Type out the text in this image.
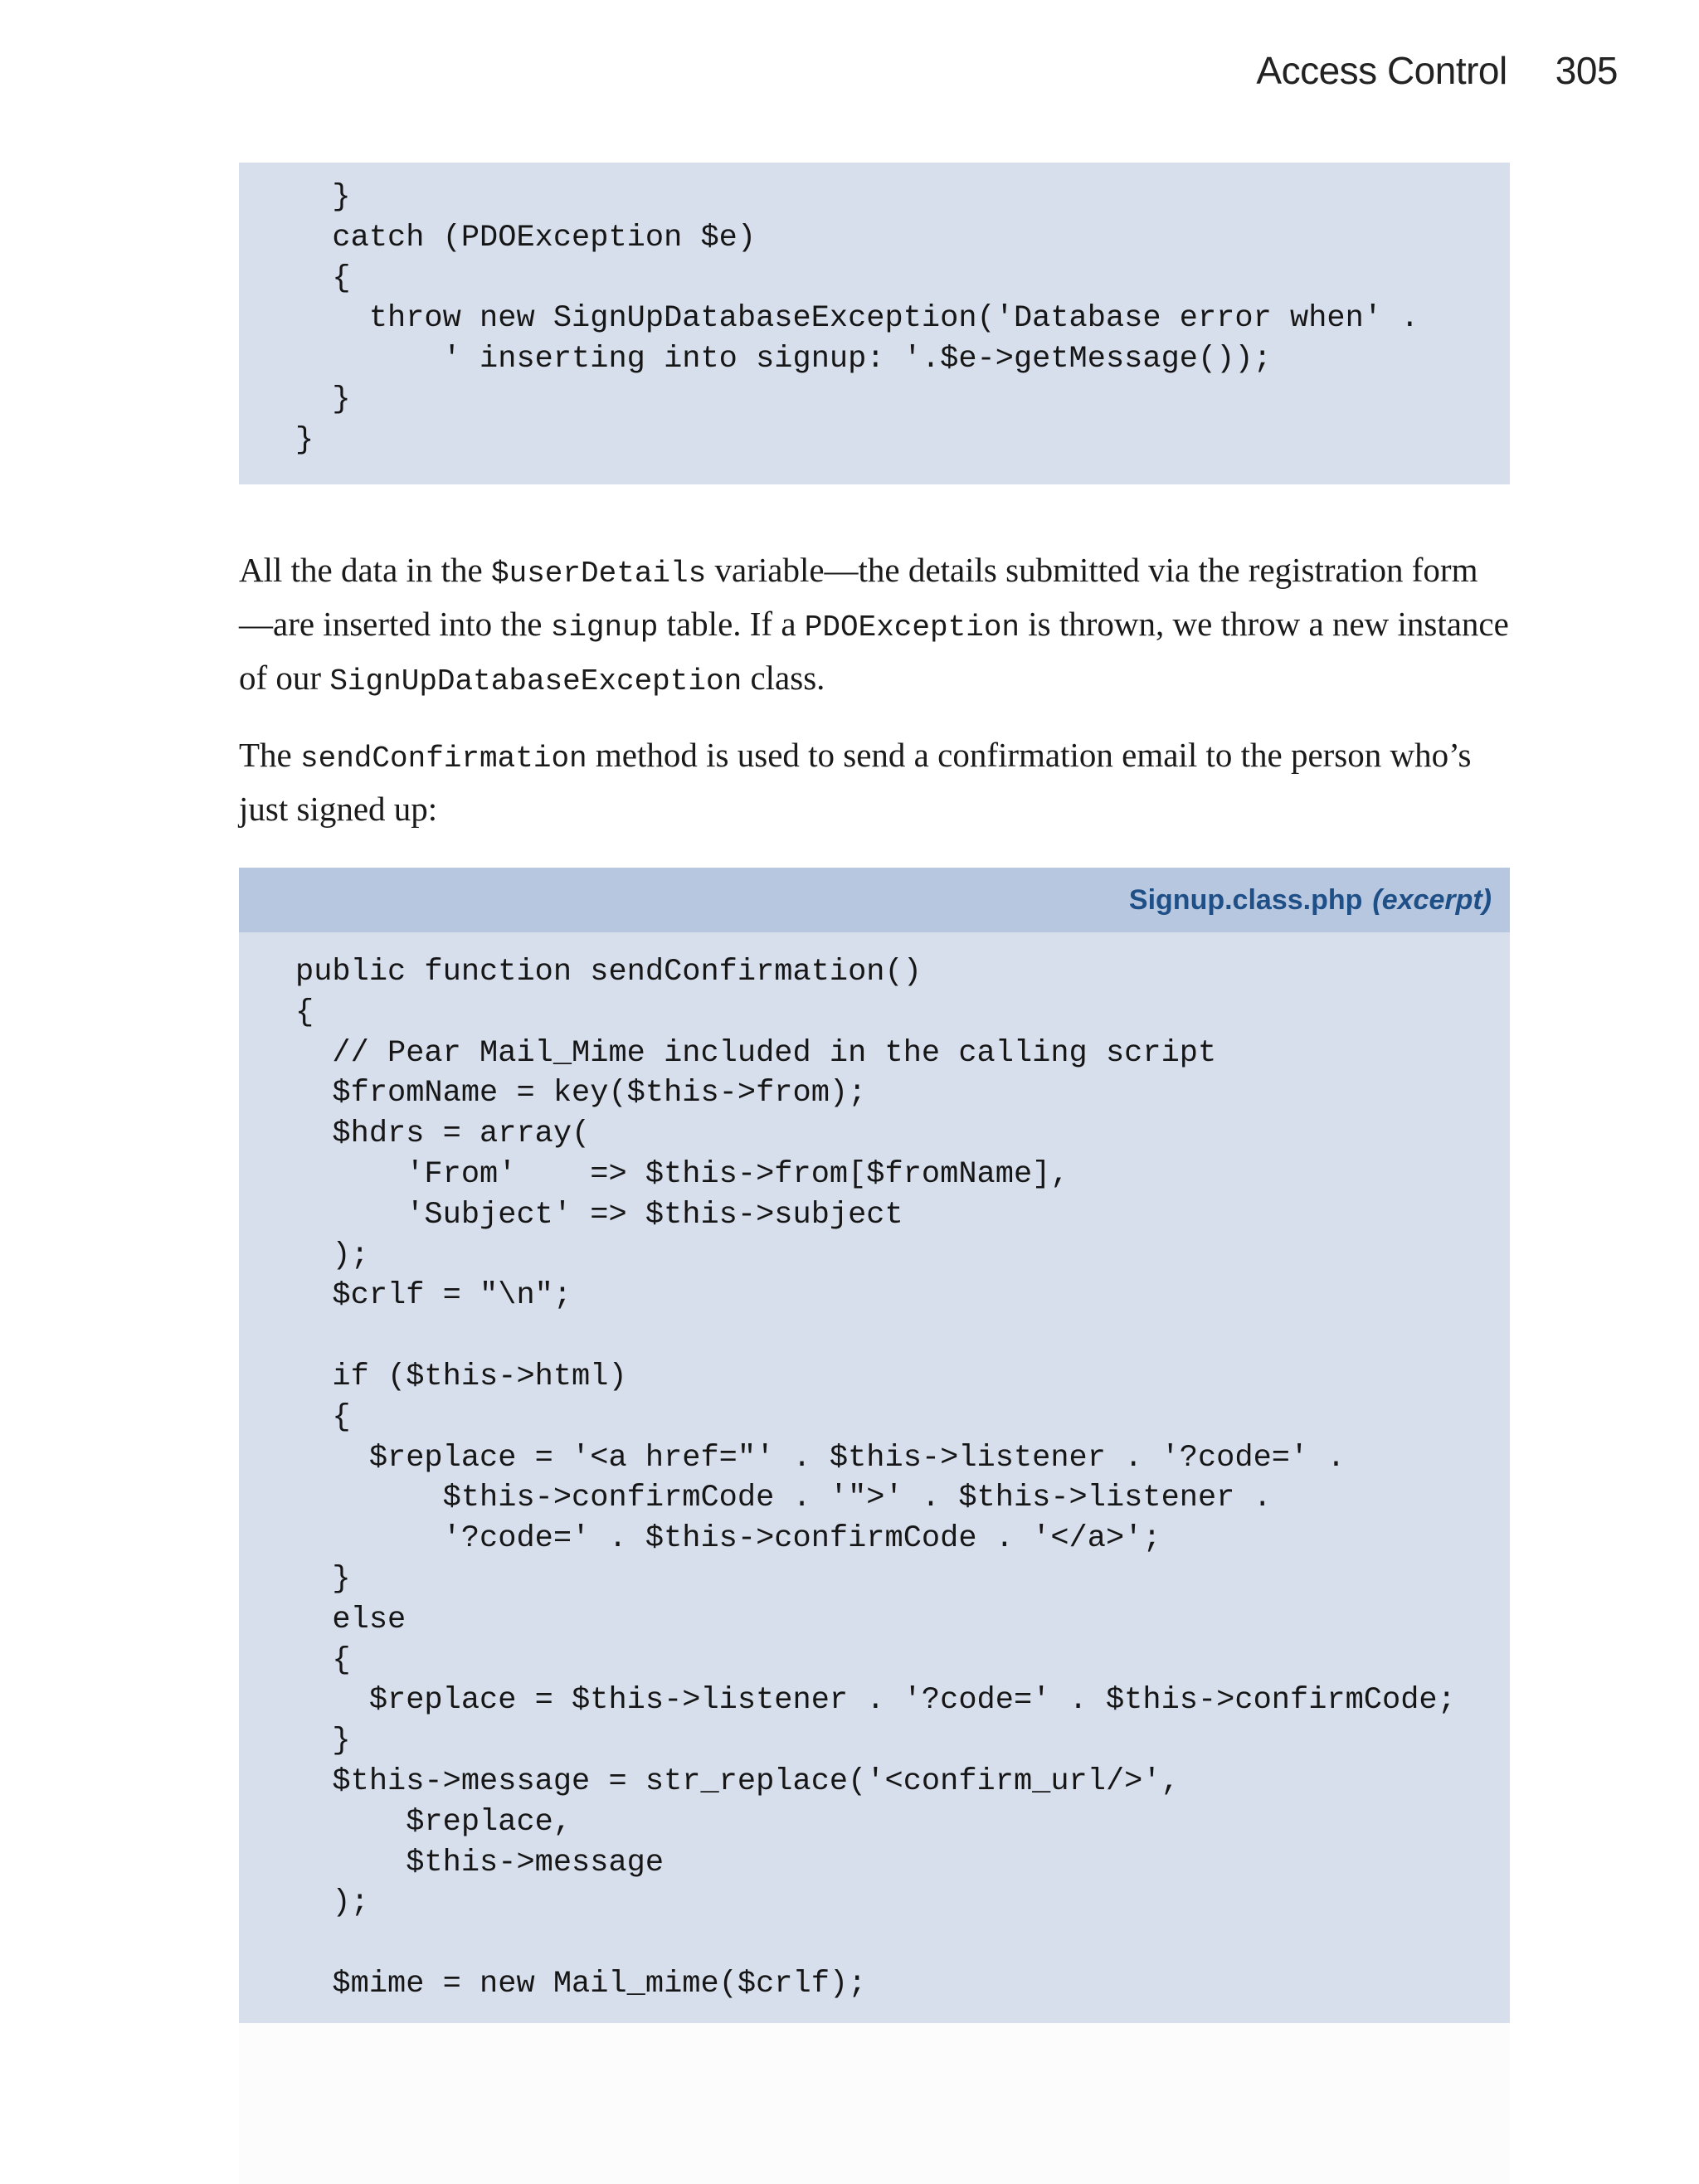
Access Control 305
}
catch (PDOException $e)
{
throw new SignUpDatabaseException('Database error when' .
' inserting into signup: '.$e->getMessage());
}
}

All the data in the $userDetails variable—the details submitted via the registration form—are inserted into the signup table. If a PDOException is thrown, we throw a new instance of our SignUpDatabaseException class.

The sendConfirmation method is used to send a confirmation email to the person who’s just signed up:

Signup.class.php (excerpt)
public function sendConfirmation()
{
// Pear Mail_Mime included in the calling script
$fromName = key($this->from);
$hdrs = array(
'From'    => $this->from[$fromName],
'Subject' => $this->subject
);
$crlf = "\n";

if ($this->html)
{
$replace = '<a href="' . $this->listener . '?code=' .
$this->confirmCode . '">' . $this->listener .
'?code=' . $this->confirmCode . '</a>';
}
else
{
$replace = $this->listener . '?code=' . $this->confirmCode;
}
$this->message = str_replace('<confirm_url/>',
$replace,
$this->message
);

$mime = new Mail_mime($crlf);
